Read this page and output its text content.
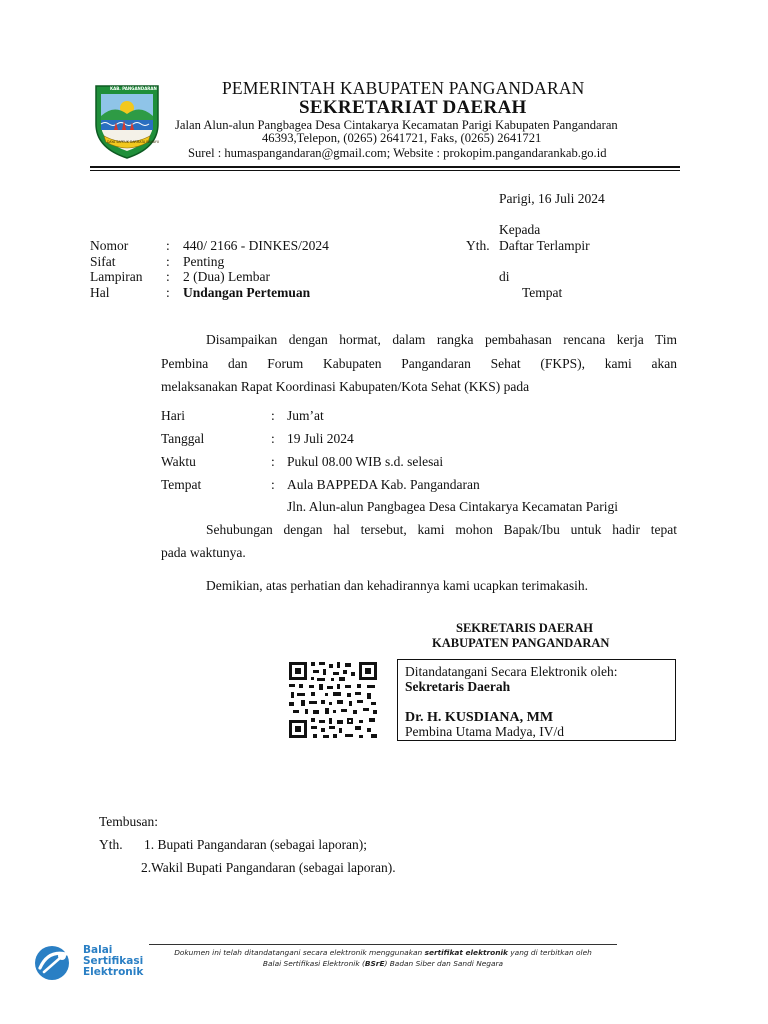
KAB. PANGANDARAN
DAYA SAPEUK DARMATA RAHAYU
PEMERINTAH KABUPATEN PANGANDARAN
SEKRETARIAT DAERAH
Jalan Alun-alun Pangbagea Desa Cintakarya Kecamatan Parigi Kabupaten Pangandaran
46393,Telepon, (0265) 2641721, Faks, (0265) 2641721
Surel : humaspangandaran@gmail.com; Website : prokopim.pangandarankab.go.id
Parigi, 16 Juli 2024
Kepada
Yth. Daftar Terlampir
di
Tempat
Nomor	: 440/ 2166 - DINKES/2024
Sifat	: Penting
Lampiran : 2 (Dua) Lembar
Hal	: Undangan Pertemuan
Disampaikan dengan hormat, dalam rangka pembahasan rencana kerja Tim
Pembina dan Forum Kabupaten Pangandaran Sehat (FKPS), kami akan
melaksanakan Rapat Koordinasi Kabupaten/Kota Sehat (KKS) pada
Hari	: Jum’at
Tanggal	: 19 Juli 2024
Waktu	: Pukul 08.00 WIB s.d. selesai
Tempat	: Aula BAPPEDA Kab. Pangandaran
Jln. Alun-alun Pangbagea Desa Cintakarya Kecamatan Parigi
Sehubungan dengan hal tersebut, kami mohon Bapak/Ibu untuk hadir tepat
pada waktunya.
Demikian, atas perhatian dan kehadirannya kami ucapkan terimakasih.
SEKRETARIS DAERAH
KABUPATEN PANGANDARAN
Ditandatangani Secara Elektronik oleh:
Sekretaris Daerah
Dr. H. KUSDIANA, MM
Pembina Utama Madya, IV/d
Tembusan:
Yth. 1. Bupati Pangandaran (sebagai laporan);
2.Wakil Bupati Pangandaran (sebagai laporan).
Balai
Sertifikasi
Elektronik
Dokumen ini telah ditandatangani secara elektronik menggunakan sertifikat elektronik yang di terbitkan oleh
Balai Sertifikasi Elektronik (BSrE) Badan Siber dan Sandi Negara
